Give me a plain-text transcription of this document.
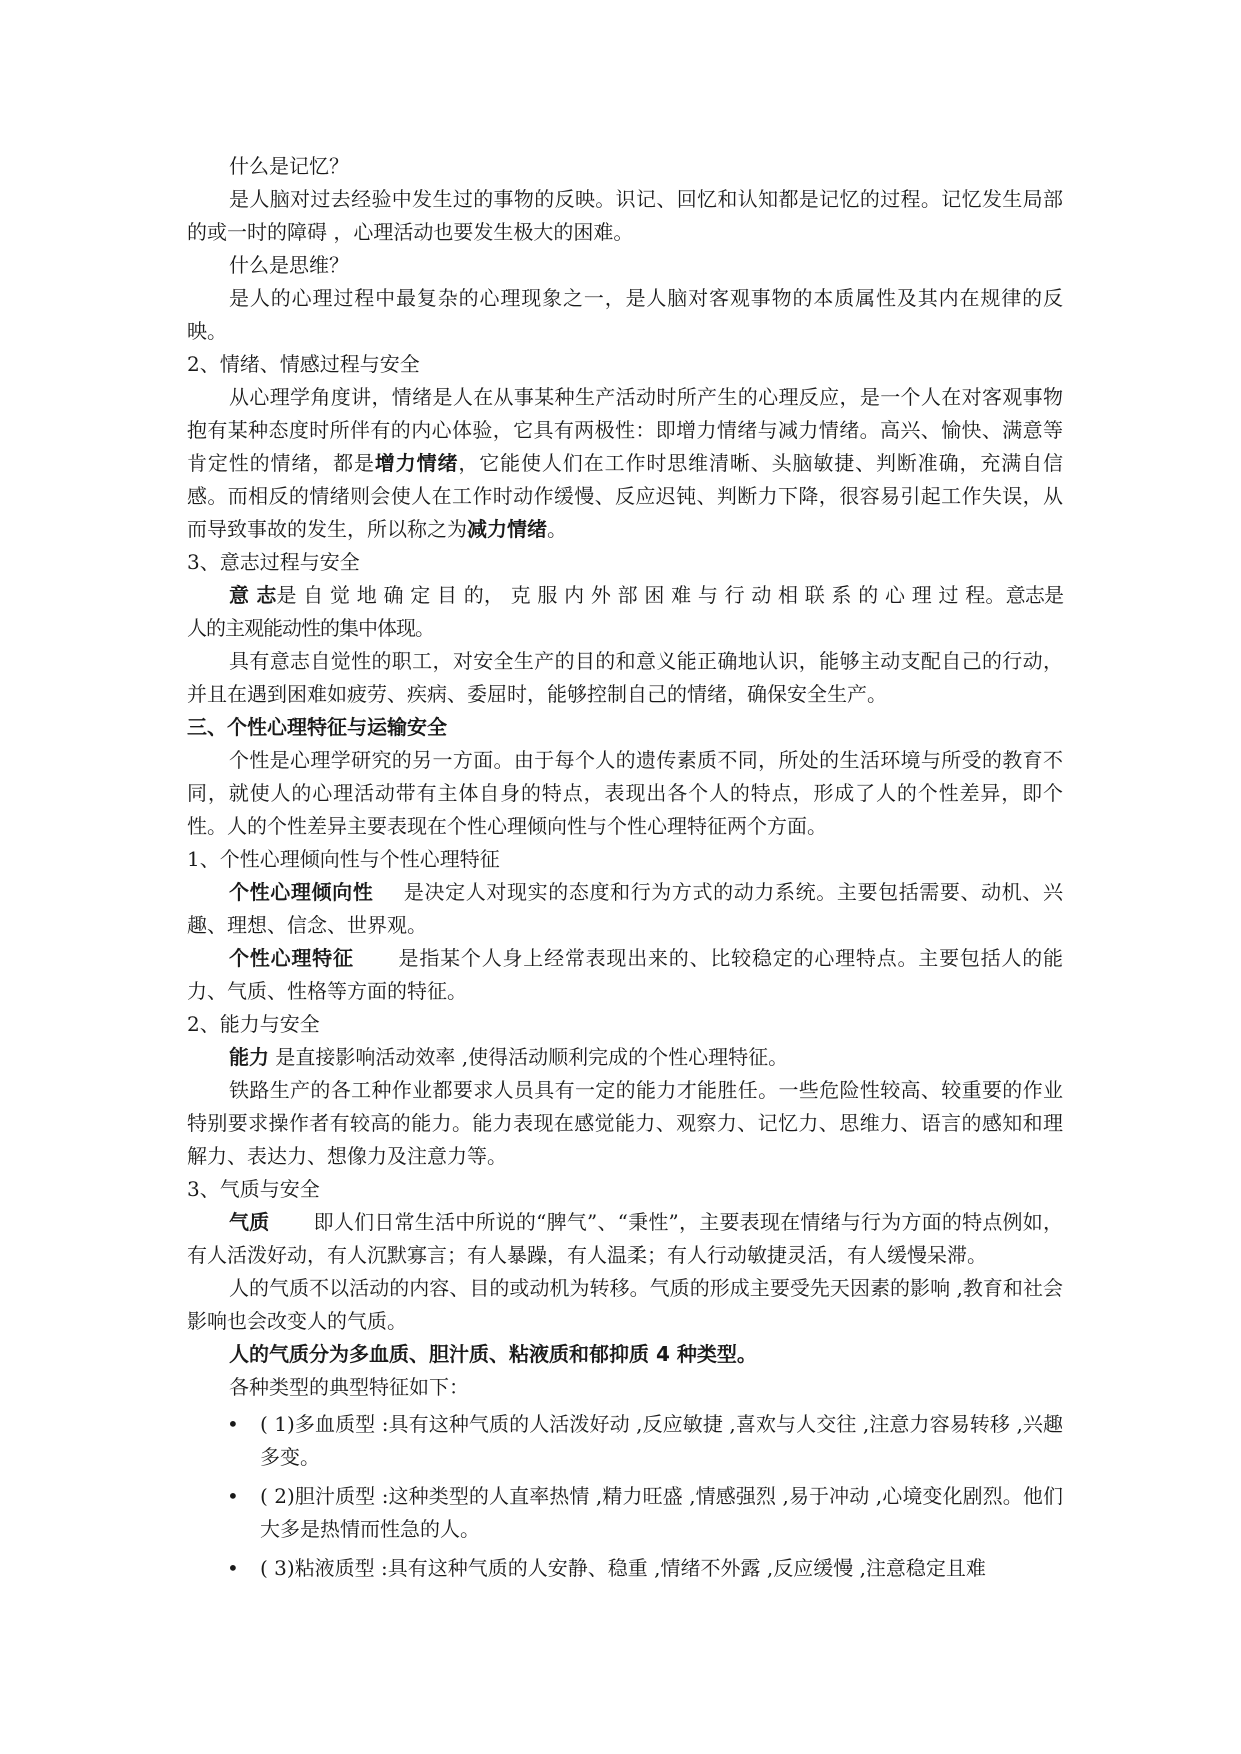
什么是记忆？

是人脑对过去经验中发生过的事物的反映。识记、回忆和认知都是记忆的过程。记忆发生局部的或一时的障碍 ，心理活动也要发生极大的困难。

什么是思维？

是人的心理过程中最复杂的心理现象之一，是人脑对客观事物的本质属性及其内在规律的反映。

2、情绪、情感过程与安全

从心理学角度讲，情绪是人在从事某种生产活动时所产生的心理反应，是一个人在对客观事物抱有某种态度时所伴有的内心体验，它具有两极性：即增力情绪与减力情绪。高兴、愉快、满意等肯定性的情绪，都是增力情绪，它能使人们在工作时思维清晰、头脑敏捷、判断准确，充满自信感。而相反的情绪则会使人在工作时动作缓慢、反应迟钝、判断力下降，很容易引起工作失误，从而导致事故的发生，所以称之为减力情绪。

3、意志过程与安全

意 志是 自 觉 地 确 定 目 的， 克 服 内 外 部 困 难 与 行 动 相 联 系 的 心 理 过 程。意志是人的主观能动性的集中体现。

具有意志自觉性的职工，对安全生产的目的和意义能正确地认识，能够主动支配自己的行动，并且在遇到困难如疲劳、疾病、委屈时，能够控制自己的情绪，确保安全生产。

三、个性心理特征与运输安全

个性是心理学研究的另一方面。由于每个人的遗传素质不同，所处的生活环境与所受的教育不同，就使人的心理活动带有主体自身的特点，表现出各个人的特点，形成了人的个性差异，即个性。人的个性差异主要表现在个性心理倾向性与个性心理特征两个方面。

1、个性心理倾向性与个性心理特征

个性心理倾向性 是决定人对现实的态度和行为方式的动力系统。主要包括需要、动机、兴趣、理想、信念、世界观。

个性心理特征 是指某个人身上经常表现出来的、比较稳定的心理特点。主要包括人的能力、气质、性格等方面的特征。

2、能力与安全

能力 是直接影响活动效率 ,使得活动顺利完成的个性心理特征。

铁路生产的各工种作业都要求人员具有一定的能力才能胜任。一些危险性较高、较重要的作业特别要求操作者有较高的能力。能力表现在感觉能力、观察力、记忆力、思维力、语言的感知和理解力、表达力、想像力及注意力等。

3、气质与安全

气质 即人们日常生活中所说的“脾气”、“秉性”，主要表现在情绪与行为方面的特点例如，有人活泼好动，有人沉默寡言；有人暴躁，有人温柔；有人行动敏捷灵活，有人缓慢呆滞。

人的气质不以活动的内容、目的或动机为转移。气质的形成主要受先天因素的影响 ,教育和社会影响也会改变人的气质。

人的气质分为多血质、胆汁质、粘液质和郁抑质 4 种类型。

各种类型的典型特征如下：

• ( 1)多血质型 :具有这种气质的人活泼好动 ,反应敏捷 ,喜欢与人交往 ,注意力容易转移 ,兴趣多变。
• ( 2)胆汁质型 :这种类型的人直率热情 ,精力旺盛 ,情感强烈 ,易于冲动 ,心境变化剧烈。他们大多是热情而性急的人。
• ( 3)粘液质型 :具有这种气质的人安静、稳重 ,情绪不外露 ,反应缓慢 ,注意稳定且难
